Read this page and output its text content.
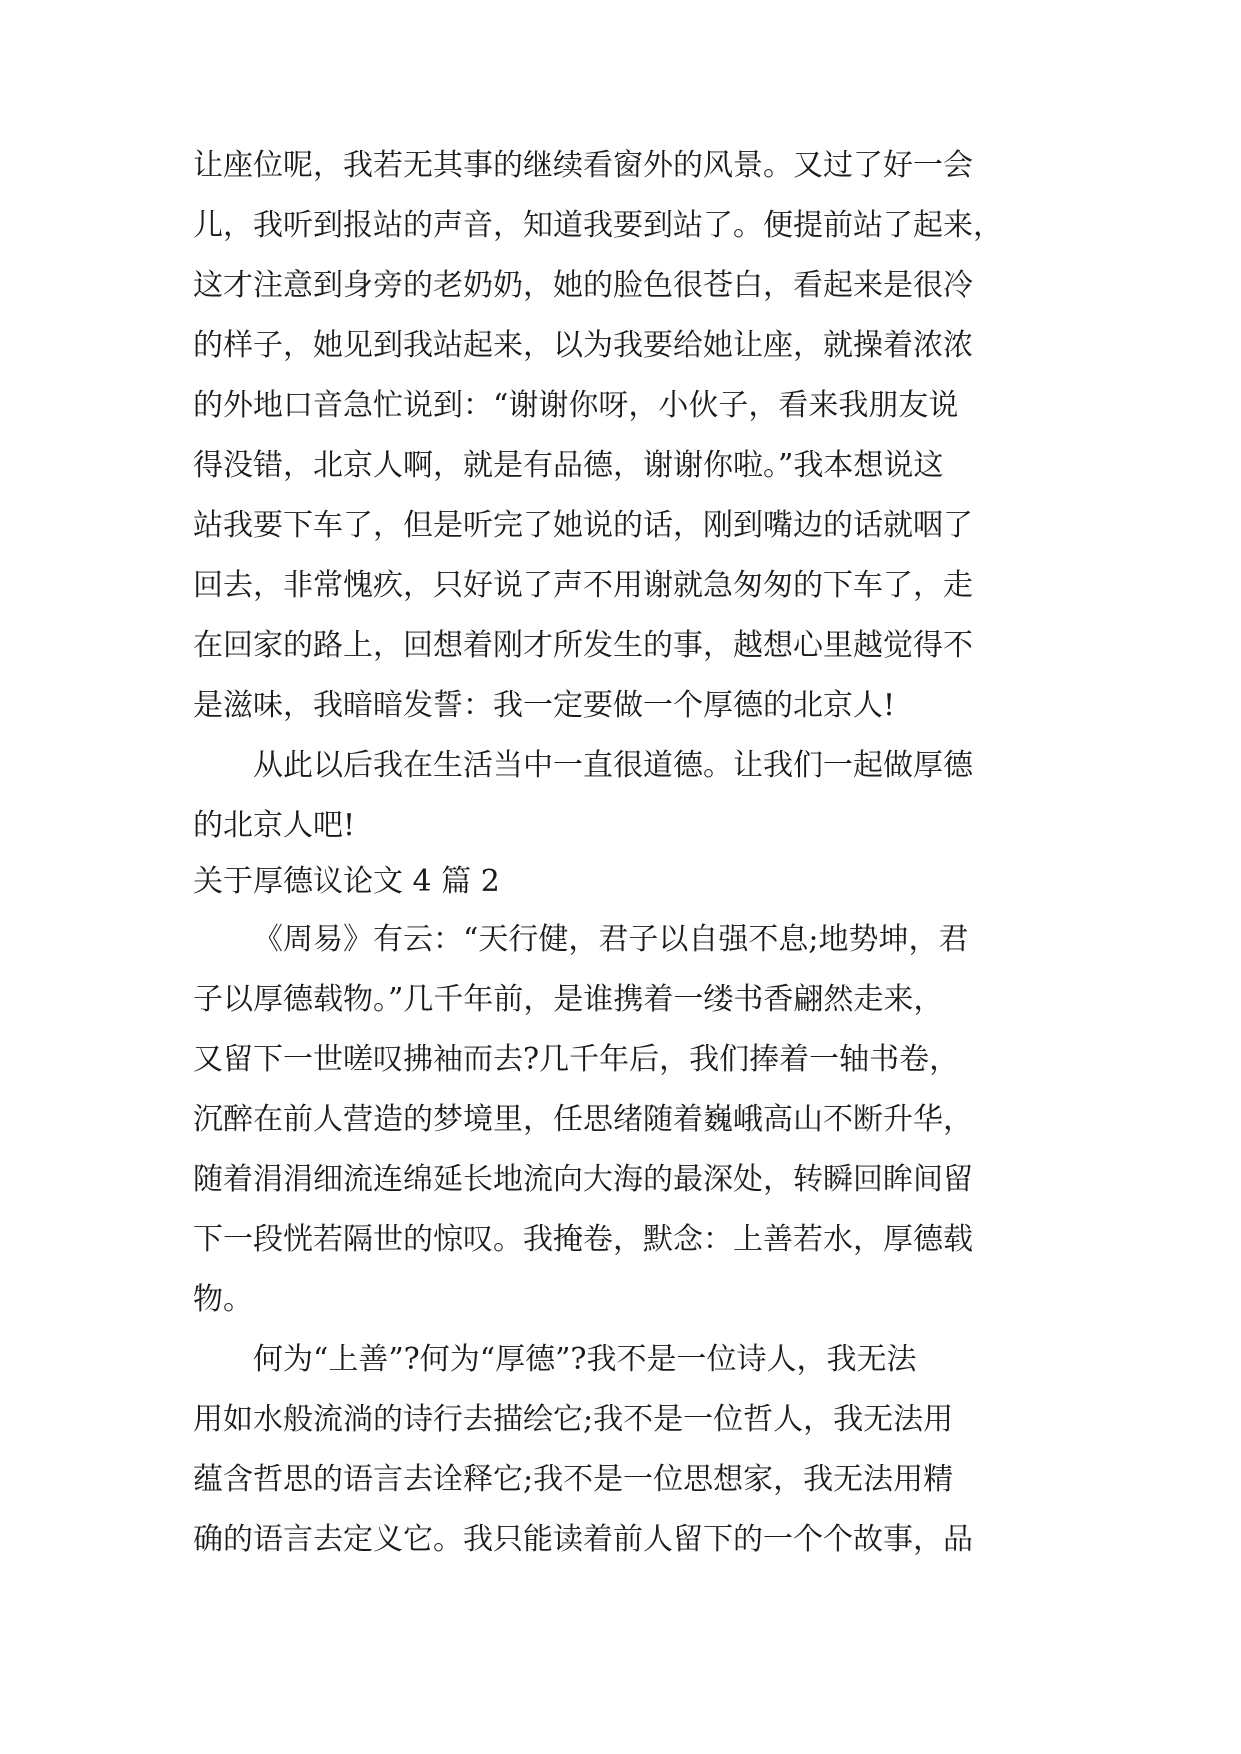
让座位呢，我若无其事的继续看窗外的风景。又过了好一会
儿，我听到报站的声音，知道我要到站了。便提前站了起来，
这才注意到身旁的老奶奶，她的脸色很苍白，看起来是很冷
的样子，她见到我站起来，以为我要给她让座，就操着浓浓
的外地口音急忙说到：“谢谢你呀，小伙子，看来我朋友说
得没错，北京人啊，就是有品德，谢谢你啦。”我本想说这
站我要下车了，但是听完了她说的话，刚到嘴边的话就咽了
回去，非常愧疚，只好说了声不用谢就急匆匆的下车了，走
在回家的路上，回想着刚才所发生的事，越想心里越觉得不
是滋味，我暗暗发誓：我一定要做一个厚德的北京人!
从此以后我在生活当中一直很道德。让我们一起做厚德
的北京人吧!
关于厚德议论文 4 篇 2
《周易》有云：“天行健，君子以自强不息;地势坤，君
子以厚德载物。”几千年前，是谁携着一缕书香翩然走来，
又留下一世嗟叹拂袖而去?几千年后，我们捧着一轴书卷，
沉醉在前人营造的梦境里，任思绪随着巍峨高山不断升华，
随着涓涓细流连绵延长地流向大海的最深处，转瞬回眸间留
下一段恍若隔世的惊叹。我掩卷，默念：上善若水，厚德载
物。
何为“上善”?何为“厚德”?我不是一位诗人，我无法
用如水般流淌的诗行去描绘它;我不是一位哲人，我无法用
蕴含哲思的语言去诠释它;我不是一位思想家，我无法用精
确的语言去定义它。我只能读着前人留下的一个个故事，品
